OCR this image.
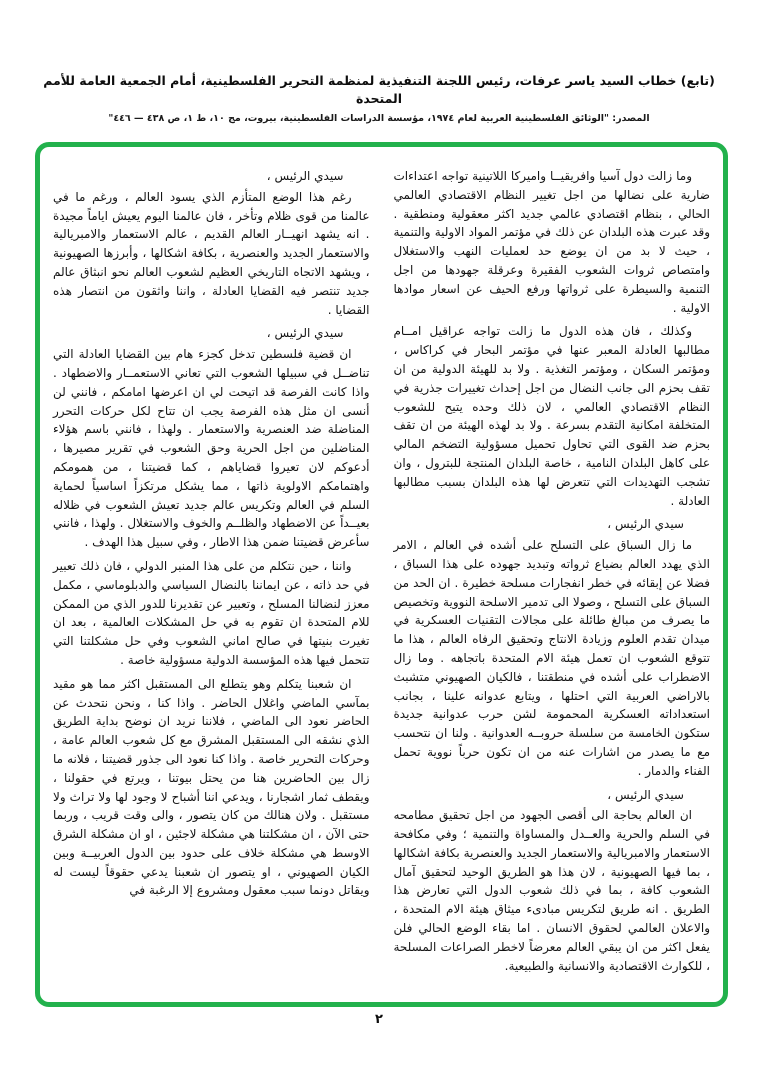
(تابع) خطاب السيد ياسر عرفات، رئيس اللجنة التنفيذية لمنظمة التحرير الفلسطينية، أمام الجمعية العامة للأمم المتحدة
المصدر: "الوثائق الفلسطينية العربية لعام ١٩٧٤، مؤسسة الدراسات الفلسطينية، بيروت، مج ١٠، ط ١، ص ٤٣٨ — ٤٤٦"

وما زالت دول آسيا وافريقيــا واميركا اللاتينية تواجه اعتداءات ضارية على نضالها من اجل تغيير النظام الاقتصادي العالمي الحالي ، بنظام اقتصادي عالمي جديد اكثر معقولية ومنطقية . وقد عبرت هذه البلدان عن ذلك في مؤتمر المواد الاولية والتنمية ، حيث لا بد من ان يوضع حد لعمليات النهب والاستغلال وامتصاص ثروات الشعوب الفقيرة وعرقلة جهودها من اجل التنمية والسيطرة على ثرواتها ورفع الحيف عن اسعار موادها الاولية .

وكذلك ، فان هذه الدول ما زالت تواجه عراقيل امــام مطالبها العادلة المعبر عنها في مؤتمر البحار في كراكاس ، ومؤتمر السكان ، ومؤتمر التغذية . ولا بد للهيئة الدولية من ان تقف بحزم الى جانب النضال من اجل إحداث تغييرات جذرية في النظام الاقتصادي العالمي ، لان ذلك وحده يتيح للشعوب المتخلفة امكانية التقدم بسرعة . ولا بد لهذه الهيئة من ان تقف بحزم ضد القوى التي تحاول تحميل مسؤولية التضخم المالي على كاهل البلدان النامية ، خاصة البلدان المنتجة للبترول ، وان تشجب التهديدات التي تتعرض لها هذه البلدان بسبب مطالبها العادلة .

سيدي الرئيس ،

ما زال السباق على التسلح على أشده في العالم ، الامر الذي يهدد العالم بضياع ثرواته وتبديد جهوده على هذا السباق ، فضلا عن إبقائه في خطر انفجارات مسلحة خطيرة . ان الحد من السباق على التسلح ، وصولا الى تدمير الاسلحة النووية وتخصيص ما يصرف من مبالغ طائلة على مجالات التقنيات العسكرية في ميدان تقدم العلوم وزيادة الانتاج وتحقيق الرفاه العالم ، هذا ما تتوقع الشعوب ان تعمل هيئة الام المتحدة باتجاهه . وما زال الاضطراب على أشده في منطقتنا ، فالكيان الصهيوني متشبث بالاراضي العربية التي احتلها ، ويتابع عدوانه علينا ، بجانب استعداداته العسكرية المحمومة لشن حرب عدوانية جديدة ستكون الخامسة من سلسلة حروبــه العدوانية . ولنا ان نتحسب مع ما يصدر من اشارات عنه من ان تكون حرباً نووية تحمل الفناء والدمار .

سيدي الرئيس ،

ان العالم بحاجة الى أقصى الجهود من اجل تحقيق مطامحه في السلم والحرية والعــدل والمساواة والتنمية ؛ وفي مكافحة الاستعمار والامبريالية والاستعمار الجديد والعنصرية بكافة اشكالها ، بما فيها الصهيونية ، لان هذا هو الطريق الوحيد لتحقيق آمال الشعوب كافة ، بما في ذلك شعوب الدول التي تعارض هذا الطريق . انه طريق لتكريس مبادىء ميثاق هيئة الام المتحدة ، والاعلان العالمي لحقوق الانسان . اما بقاء الوضع الحالي فلن يفعل اكثر من ان يبقي العالم معرضاً لاخطر الصراعات المسلحة ، للكوارث الاقتصادية والانسانية والطبيعية.

سيدي الرئيس ،

رغم هذا الوضع المتأزم الذي يسود العالم ، ورغم ما في عالمنا من قوى ظلام وتأخر ، فان عالمنا اليوم يعيش اياماً مجيدة . انه يشهد انهيــار العالم القديم ، عالم الاستعمار والامبريالية والاستعمار الجديد والعنصرية ، بكافة اشكالها ، وأبرزها الصهيونية ، ويشهد الاتجاه التاريخي العظيم لشعوب العالم نحو انبثاق عالم جديد تنتصر فيه القضايا العادلة ، واننا واثقون من انتصار هذه القضايا .

سيدي الرئيس ،

ان قضية فلسطين تدخل كجزء هام بين القضايا العادلة التي تناضــل في سبيلها الشعوب التي تعاني الاستعمــار والاضطهاد . واذا كانت الفرصة قد اتيحت لي ان اعرضها امامكم ، فانني لن أنسى ان مثل هذه الفرصة يجب ان تتاح لكل حركات التحرر المناضلة ضد العنصرية والاستعمار . ولهذا ، فانني باسم هؤلاء المناضلين من اجل الحرية وحق الشعوب في تقرير مصيرها ، أدعوكم لان تعيروا قضاياهم ، كما قضيتنا ، من همومكم واهتمامكم الاولوية ذاتها ، مما يشكل مرتكزاً اساسياً لحماية السلم في العالم وتكريس عالم جديد تعيش الشعوب في ظلاله بعيــداً عن الاضطهاد والظلــم والخوف والاستغلال . ولهذا ، فانني سأعرض قضيتنا ضمن هذا الاطار ، وفي سبيل هذا الهدف .

واننا ، حين نتكلم من على هذا المنبر الدولي ، فان ذلك تعبير في حد ذاته ، عن ايماننا بالنضال السياسي والدبلوماسي ، مكمل معزز لنضالنا المسلح ، وتعبير عن تقديرنا للدور الذي من الممكن للام المتحدة ان تقوم به في حل المشكلات العالمية ، بعد ان تغيرت بنيتها في صالح اماني الشعوب وفي حل مشكلتنا التي تتحمل فيها هذه المؤسسة الدولية مسؤولية خاصة .

ان شعبنا يتكلم وهو يتطلع الى المستقبل اكثر مما هو مقيد بمآسي الماضي واغلال الحاضر . واذا كنا ، ونحن نتحدث عن الحاضر نعود الى الماضي ، فلاننا نريد ان نوضح بداية الطريق الذي نشقه الى المستقبل المشرق مع كل شعوب العالم عامة ، وحركات التحرير خاصة . واذا كنا نعود الى جذور قضيتنا ، فلانه ما زال بين الحاضرين هنا من يحتل بيوتنا ، ويرتع في حقولنا ، ويقطف ثمار اشجارنا ، ويدعي اننا أشباح لا وجود لها ولا تراث ولا مستقبل . ولان هنالك من كان يتصور ، والى وقت قريب ، وربما حتى الآن ، ان مشكلتنا هي مشكلة لاجئين ، او ان مشكلة الشرق الاوسط هي مشكلة خلاف على حدود بين الدول العربيــة وبين الكيان الصهيوني ، او يتصور ان شعبنا يدعي حقوقاً ليست له ويقاتل دونما سبب معقول ومشروع إلا الرغبة في

٢
